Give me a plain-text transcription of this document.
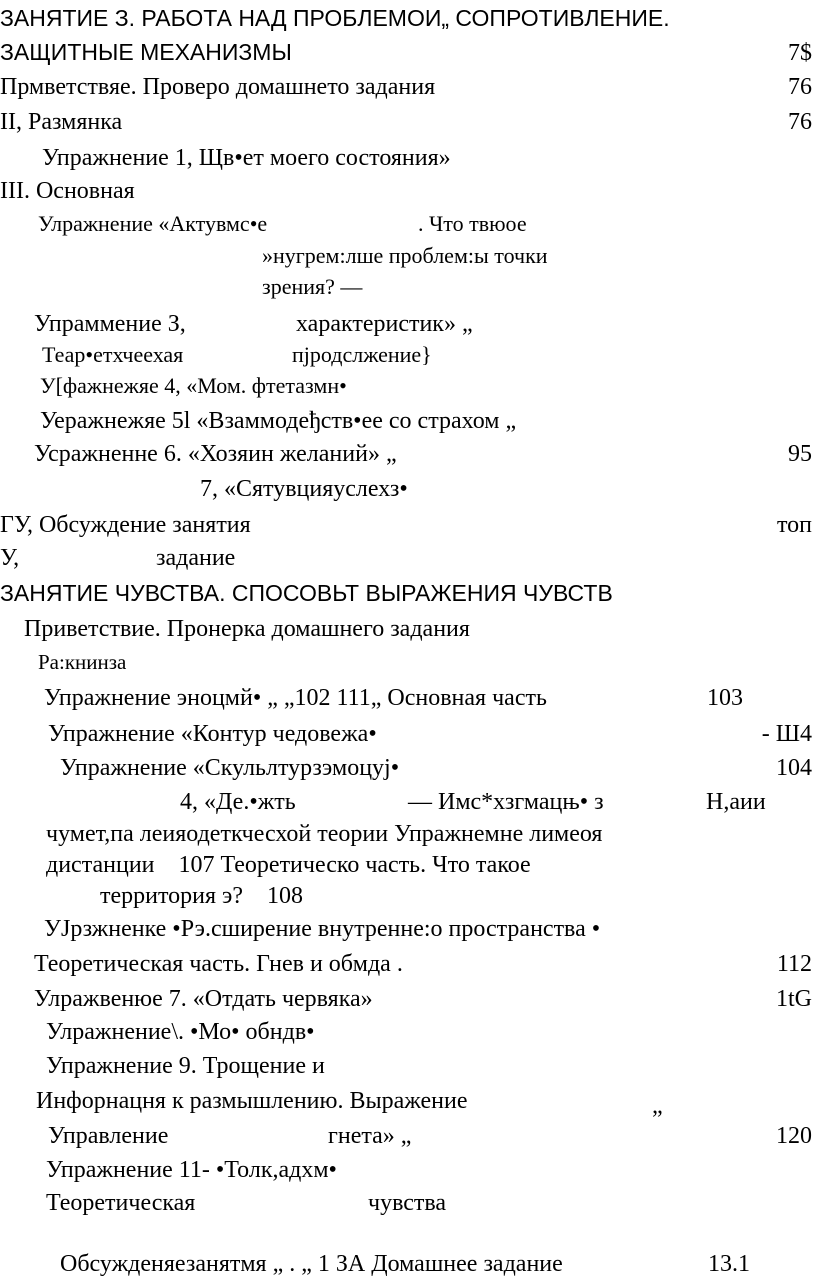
ЗАНЯТИЕ З. РАБОТА НАД ПРОБЛЕМОИ„ СОПРОТИВЛЕНИЕ.
ЗАЩИТНЫЕ МЕХАНИЗМЫ	7$
Прмветствяе. Проверо домашнето задания	76
II, Размянка	76
Упражнение 1, Щв•ет моего состояния»
III. Основная
Улражнение «Актувмс•е	. Что твюое
»нугрем:лше проблем:ы точки
зрения? —
Упраммение З,	характеристик» „
Теар•етхчеехая	пјродслжение}
У[фажнежяе 4, «Мом. фтетазмн•
Уеражнежяе 5l «Взаммодеђств•ее со страхом „
Усражненне 6. «Хозяин желаний» „	95
7, «Сятувцияуслехз•
ГУ, Обсуждение занятия	топ
У,	задание
ЗАНЯТИЕ ЧУВСТВА. СПОСОВЬТ ВЫРАЖЕНИЯ ЧУВСТВ
Приветствие. Пронерка домашнего задания
Ра:книнза
Упражнение эноцмй• „ „102 111„ Основная часть	103
Упражнение «Контур чедовежа•	- Ш4
Упражнение «Скульлтурзэмоцуј•	104
4, «Де.•жть	— Имс*хзгмацњ• з	Н,аии
чумет,па леияодеткчесхой теории Упражнемне лимеоя
дистанции    107 Теоретическо часть. Что такое
территория э?    108
УЈрзжненке •Рэ.сширение внутренне:о пространства •
Теоретическая часть. Гнев и обмда .	112
Улражвенюе 7. «Отдать червяка»	1tG
Улражнение\. •Мо• обндв•
Упражнение 9. Трощение и
Инфорнацня к размышлению. Выражение	„
Управление	гнета» „	120
Упражнение 11- •Толк,адхм•
Теоретическая	чувства
Обсужденяезанятмя „ . „ 1 ЗА Домашнее задание	13.1
